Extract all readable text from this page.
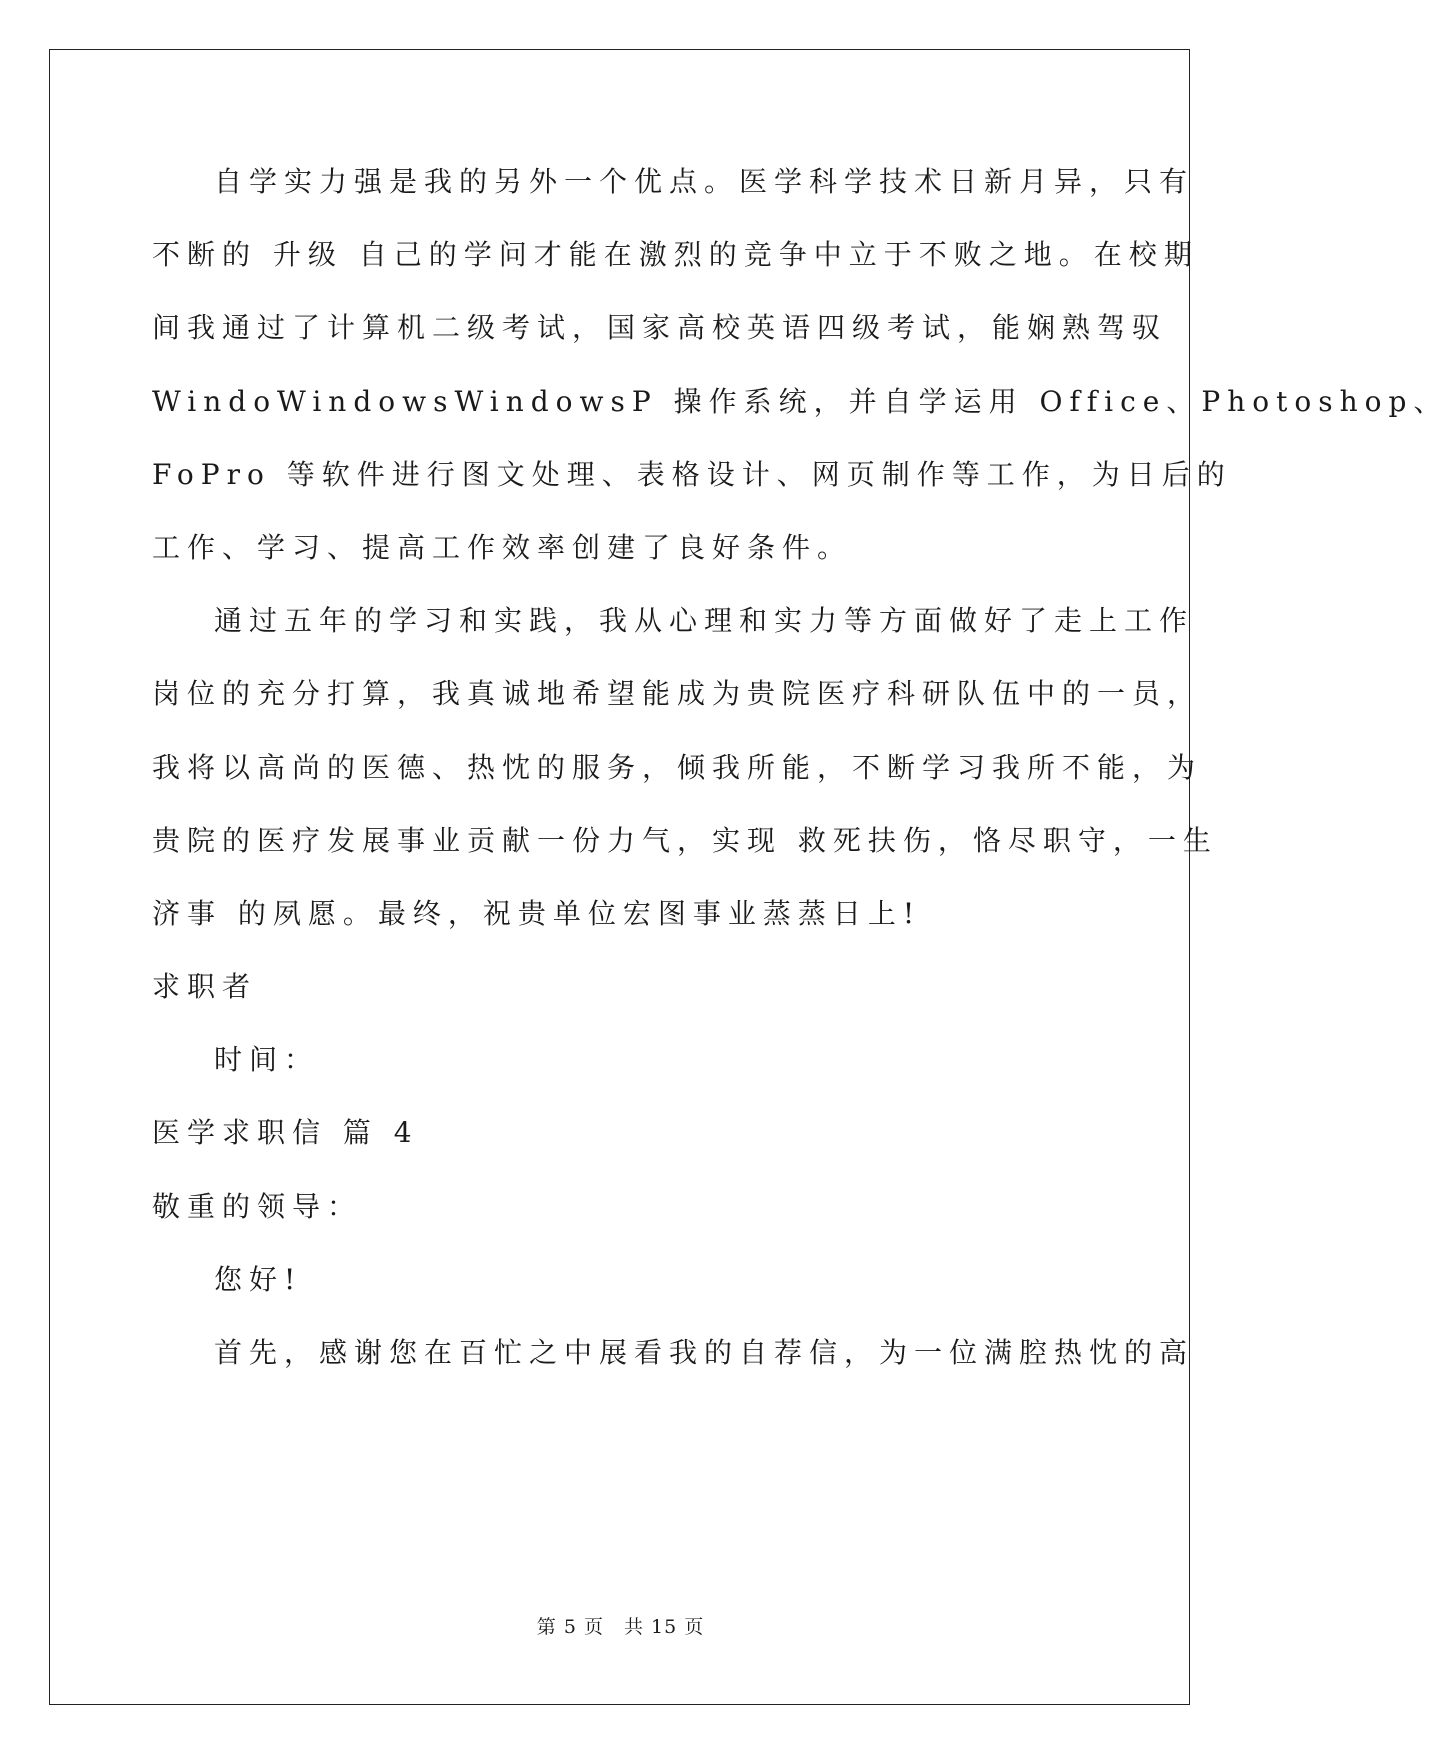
自学实力强是我的另外一个优点。医学科学技术日新月异，只有
不断的 升级 自己的学问才能在激烈的竞争中立于不败之地。在校期
间我通过了计算机二级考试，国家高校英语四级考试，能娴熟驾驭
WindoWindowsWindowsP 操作系统，并自学运用 Office、Photoshop、
FoPro 等软件进行图文处理、表格设计、网页制作等工作，为日后的
工作、学习、提高工作效率创建了良好条件。
通过五年的学习和实践，我从心理和实力等方面做好了走上工作
岗位的充分打算，我真诚地希望能成为贵院医疗科研队伍中的一员，
我将以高尚的医德、热忱的服务，倾我所能，不断学习我所不能，为
贵院的医疗发展事业贡献一份力气，实现 救死扶伤，恪尽职守，一生
济事 的夙愿。最终，祝贵单位宏图事业蒸蒸日上!
求职者
时间：
医学求职信 篇 4
敬重的领导：
您好!
首先，感谢您在百忙之中展看我的自荐信，为一位满腔热忱的高
第 5 页　共 15 页
